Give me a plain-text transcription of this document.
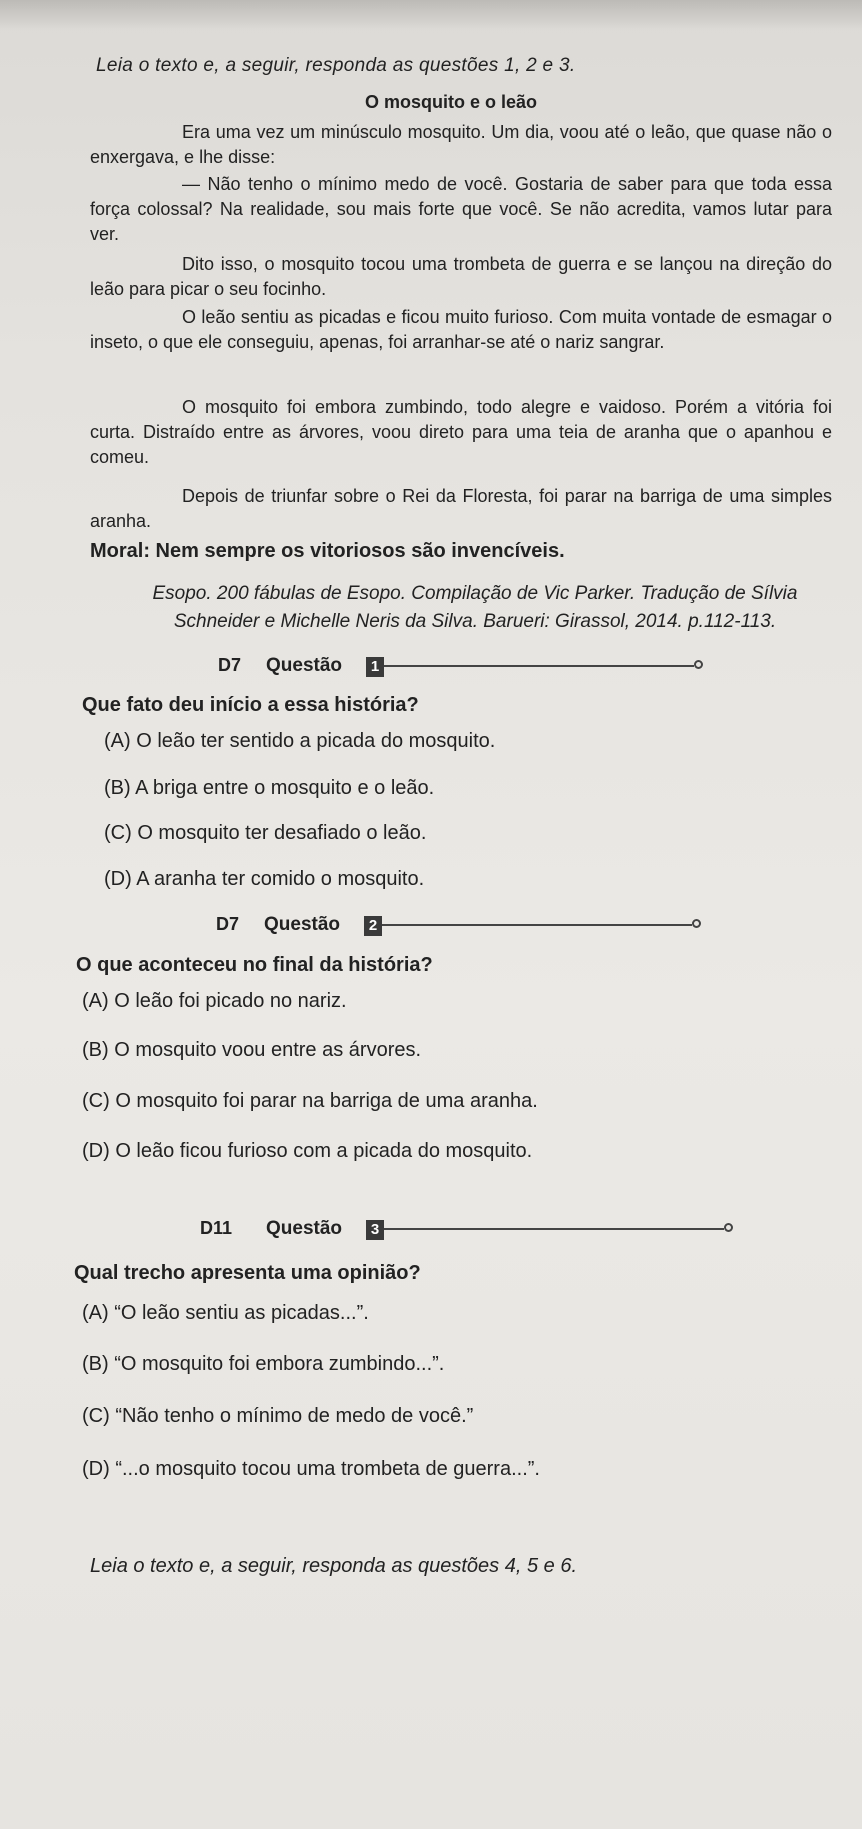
Leia o texto e, a seguir, responda as questões 1, 2 e 3.
O mosquito e o leão
Era uma vez um minúsculo mosquito. Um dia, voou até o leão, que quase não o enxergava, e lhe disse:
— Não tenho o mínimo medo de você. Gostaria de saber para que toda essa força colossal? Na realidade, sou mais forte que você. Se não acredita, vamos lutar para ver.
Dito isso, o mosquito tocou uma trombeta de guerra e se lançou na direção do leão para picar o seu focinho.
O leão sentiu as picadas e ficou muito furioso. Com muita vontade de esmagar o inseto, o que ele conseguiu, apenas, foi arranhar-se até o nariz sangrar.
O mosquito foi embora zumbindo, todo alegre e vaidoso. Porém a vitória foi curta. Distraído entre as árvores, voou direto para uma teia de aranha que o apanhou e comeu.
Depois de triunfar sobre o Rei da Floresta, foi parar na barriga de uma simples aranha.
Moral: Nem sempre os vitoriosos são invencíveis.
Esopo. 200 fábulas de Esopo. Compilação de Vic Parker. Tradução de Sílvia Schneider e Michelle Neris da Silva. Barueri: Girassol, 2014. p.112-113.
D7 Questão	1
Que fato deu início a essa história?
(A) O leão ter sentido a picada do mosquito.
(B) A briga entre o mosquito e o leão.
(C) O mosquito ter desafiado o leão.
(D) A aranha ter comido o mosquito.
D7 Questão	2
O que aconteceu no final da história?
(A) O leão foi picado no nariz.
(B) O mosquito voou entre as árvores.
(C) O mosquito foi parar na barriga de uma aranha.
(D) O leão ficou furioso com a picada do mosquito.
D11 Questão	3
Qual trecho apresenta uma opinião?
(A) “O leão sentiu as picadas...”.
(B) “O mosquito foi embora zumbindo...”.
(C) “Não tenho o mínimo de medo de você.”
(D) “...o mosquito tocou uma trombeta de guerra...”.
Leia o texto e, a seguir, responda as questões 4, 5 e 6.
